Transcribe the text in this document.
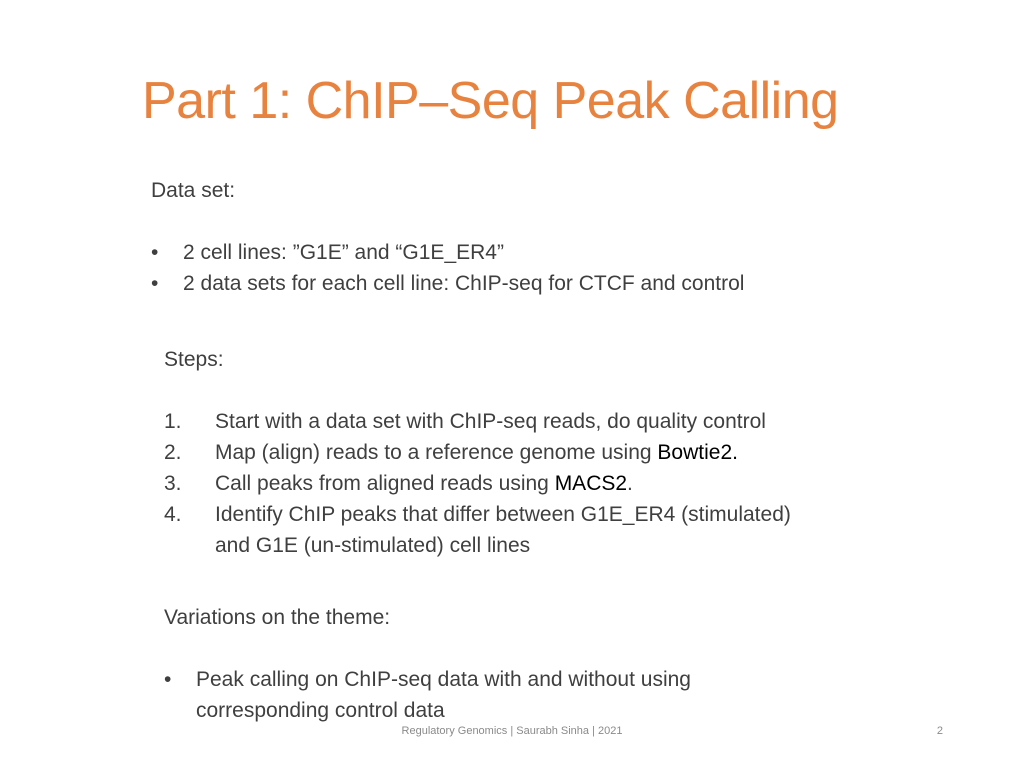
Part 1: ChIP–Seq Peak Calling

Data set:

•	2 cell lines: ”G1E” and “G1E_ER4”
•	2 data sets for each cell line: ChIP-seq for CTCF and control

Steps:

1.	Start with a data set with ChIP-seq reads, do quality control
2.	Map (align) reads to a reference genome using Bowtie2.
3.	Call peaks from aligned reads using MACS2.
4.	Identify ChIP peaks that differ between G1E_ER4 (stimulated)
and G1E (un-stimulated) cell lines

Variations on the theme:

•	Peak calling on ChIP-seq data with and without using
corresponding control data
Regulatory Genomics | Saurabh Sinha | 2021	2
